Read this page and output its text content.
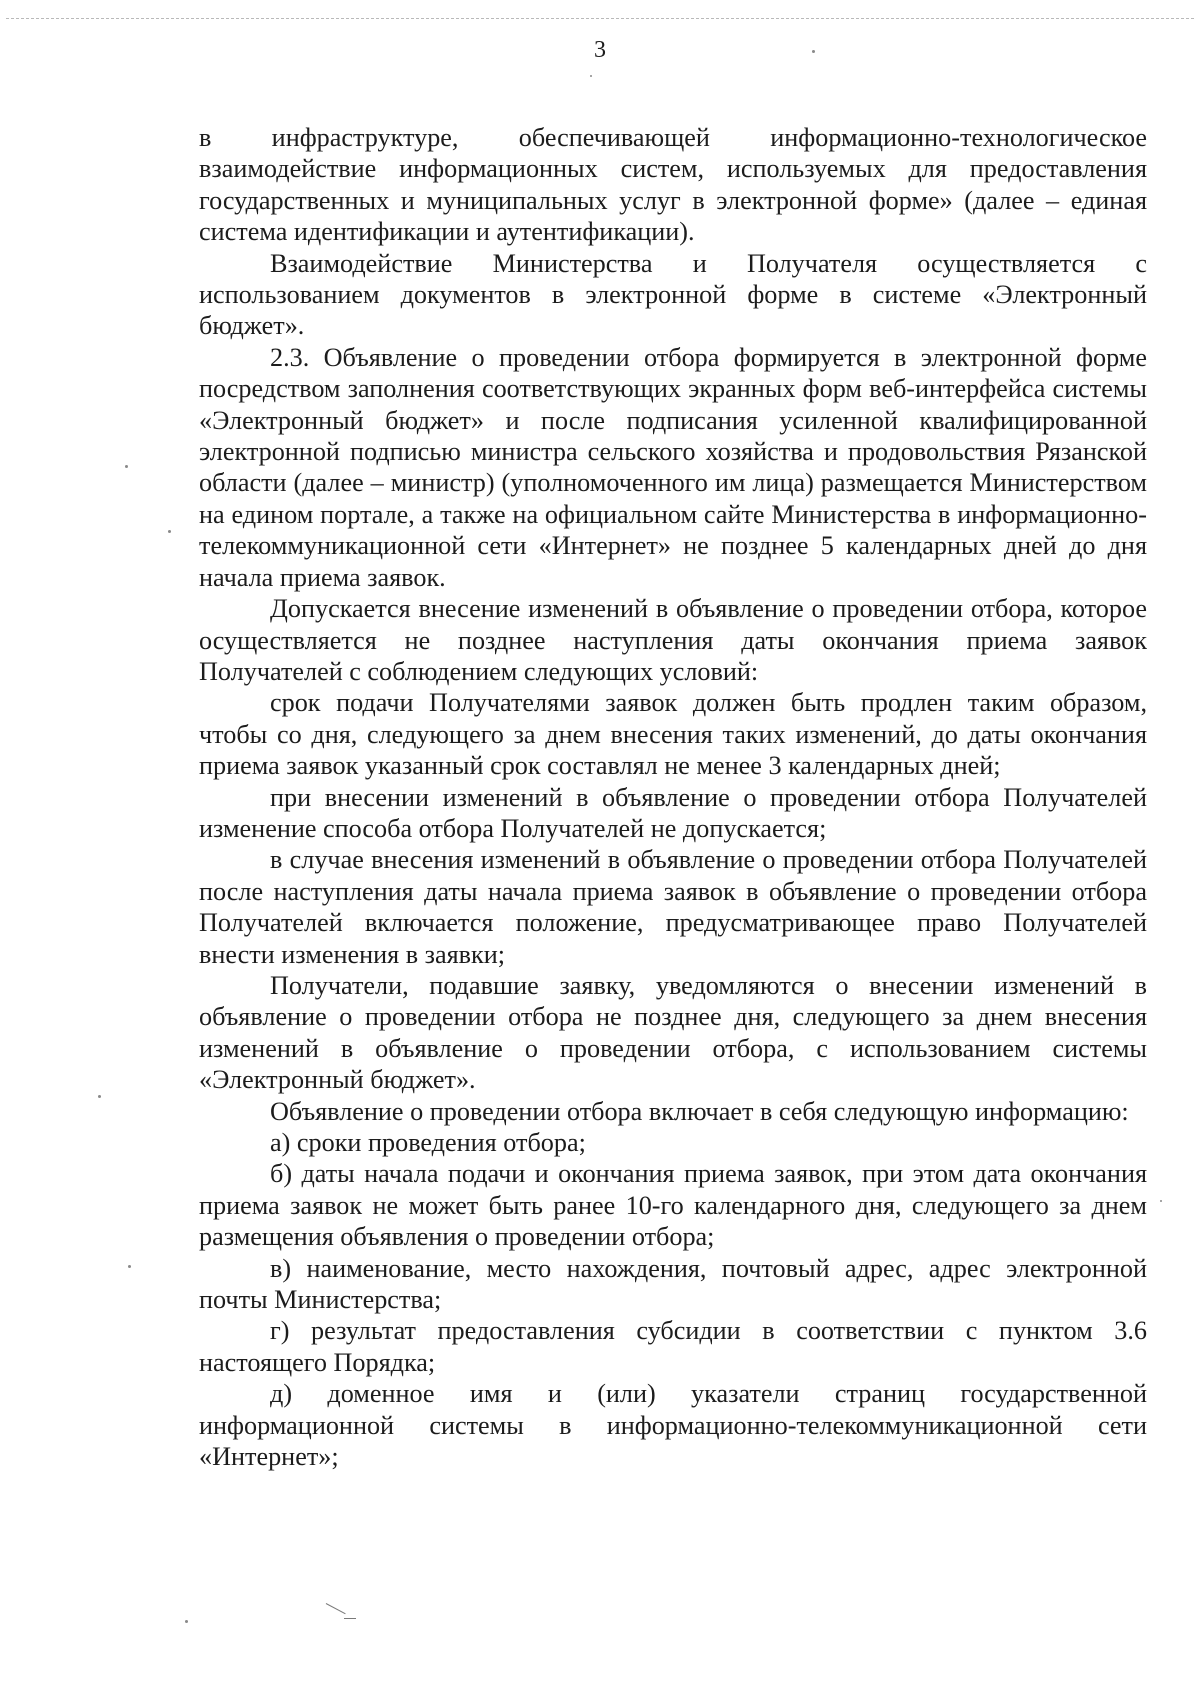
3

в инфраструктуре, обеспечивающей информационно-технологическое взаимодействие информационных систем, используемых для предоставления государственных и муниципальных услуг в электронной форме» (далее – единая система идентификации и аутентификации).

Взаимодействие Министерства и Получателя осуществляется с использованием документов в электронной форме в системе «Электронный бюджет».

2.3. Объявление о проведении отбора формируется в электронной форме посредством заполнения соответствующих экранных форм веб-интерфейса системы «Электронный бюджет» и после подписания усиленной квалифицированной электронной подписью министра сельского хозяйства и продовольствия Рязанской области (далее – министр) (уполномоченного им лица) размещается Министерством на едином портале, а также на официальном сайте Министерства в информационно-телекоммуникационной сети «Интернет» не позднее 5 календарных дней до дня начала приема заявок.

Допускается внесение изменений в объявление о проведении отбора, которое осуществляется не позднее наступления даты окончания приема заявок Получателей с соблюдением следующих условий:

срок подачи Получателями заявок должен быть продлен таким образом, чтобы со дня, следующего за днем внесения таких изменений, до даты окончания приема заявок указанный срок составлял не менее 3 календарных дней;

при внесении изменений в объявление о проведении отбора Получателей изменение способа отбора Получателей не допускается;

в случае внесения изменений в объявление о проведении отбора Получателей после наступления даты начала приема заявок в объявление о проведении отбора Получателей включается положение, предусматривающее право Получателей внести изменения в заявки;

Получатели, подавшие заявку, уведомляются о внесении изменений в объявление о проведении отбора не позднее дня, следующего за днем внесения изменений в объявление о проведении отбора, с использованием системы «Электронный бюджет».

Объявление о проведении отбора включает в себя следующую информацию:

а) сроки проведения отбора;

б) даты начала подачи и окончания приема заявок, при этом дата окончания приема заявок не может быть ранее 10-го календарного дня, следующего за днем размещения объявления о проведении отбора;

в) наименование, место нахождения, почтовый адрес, адрес электронной почты Министерства;

г) результат предоставления субсидии в соответствии с пунктом 3.6 настоящего Порядка;

д) доменное имя и (или) указатели страниц государственной информационной системы в информационно-телекоммуникационной сети «Интернет»;
